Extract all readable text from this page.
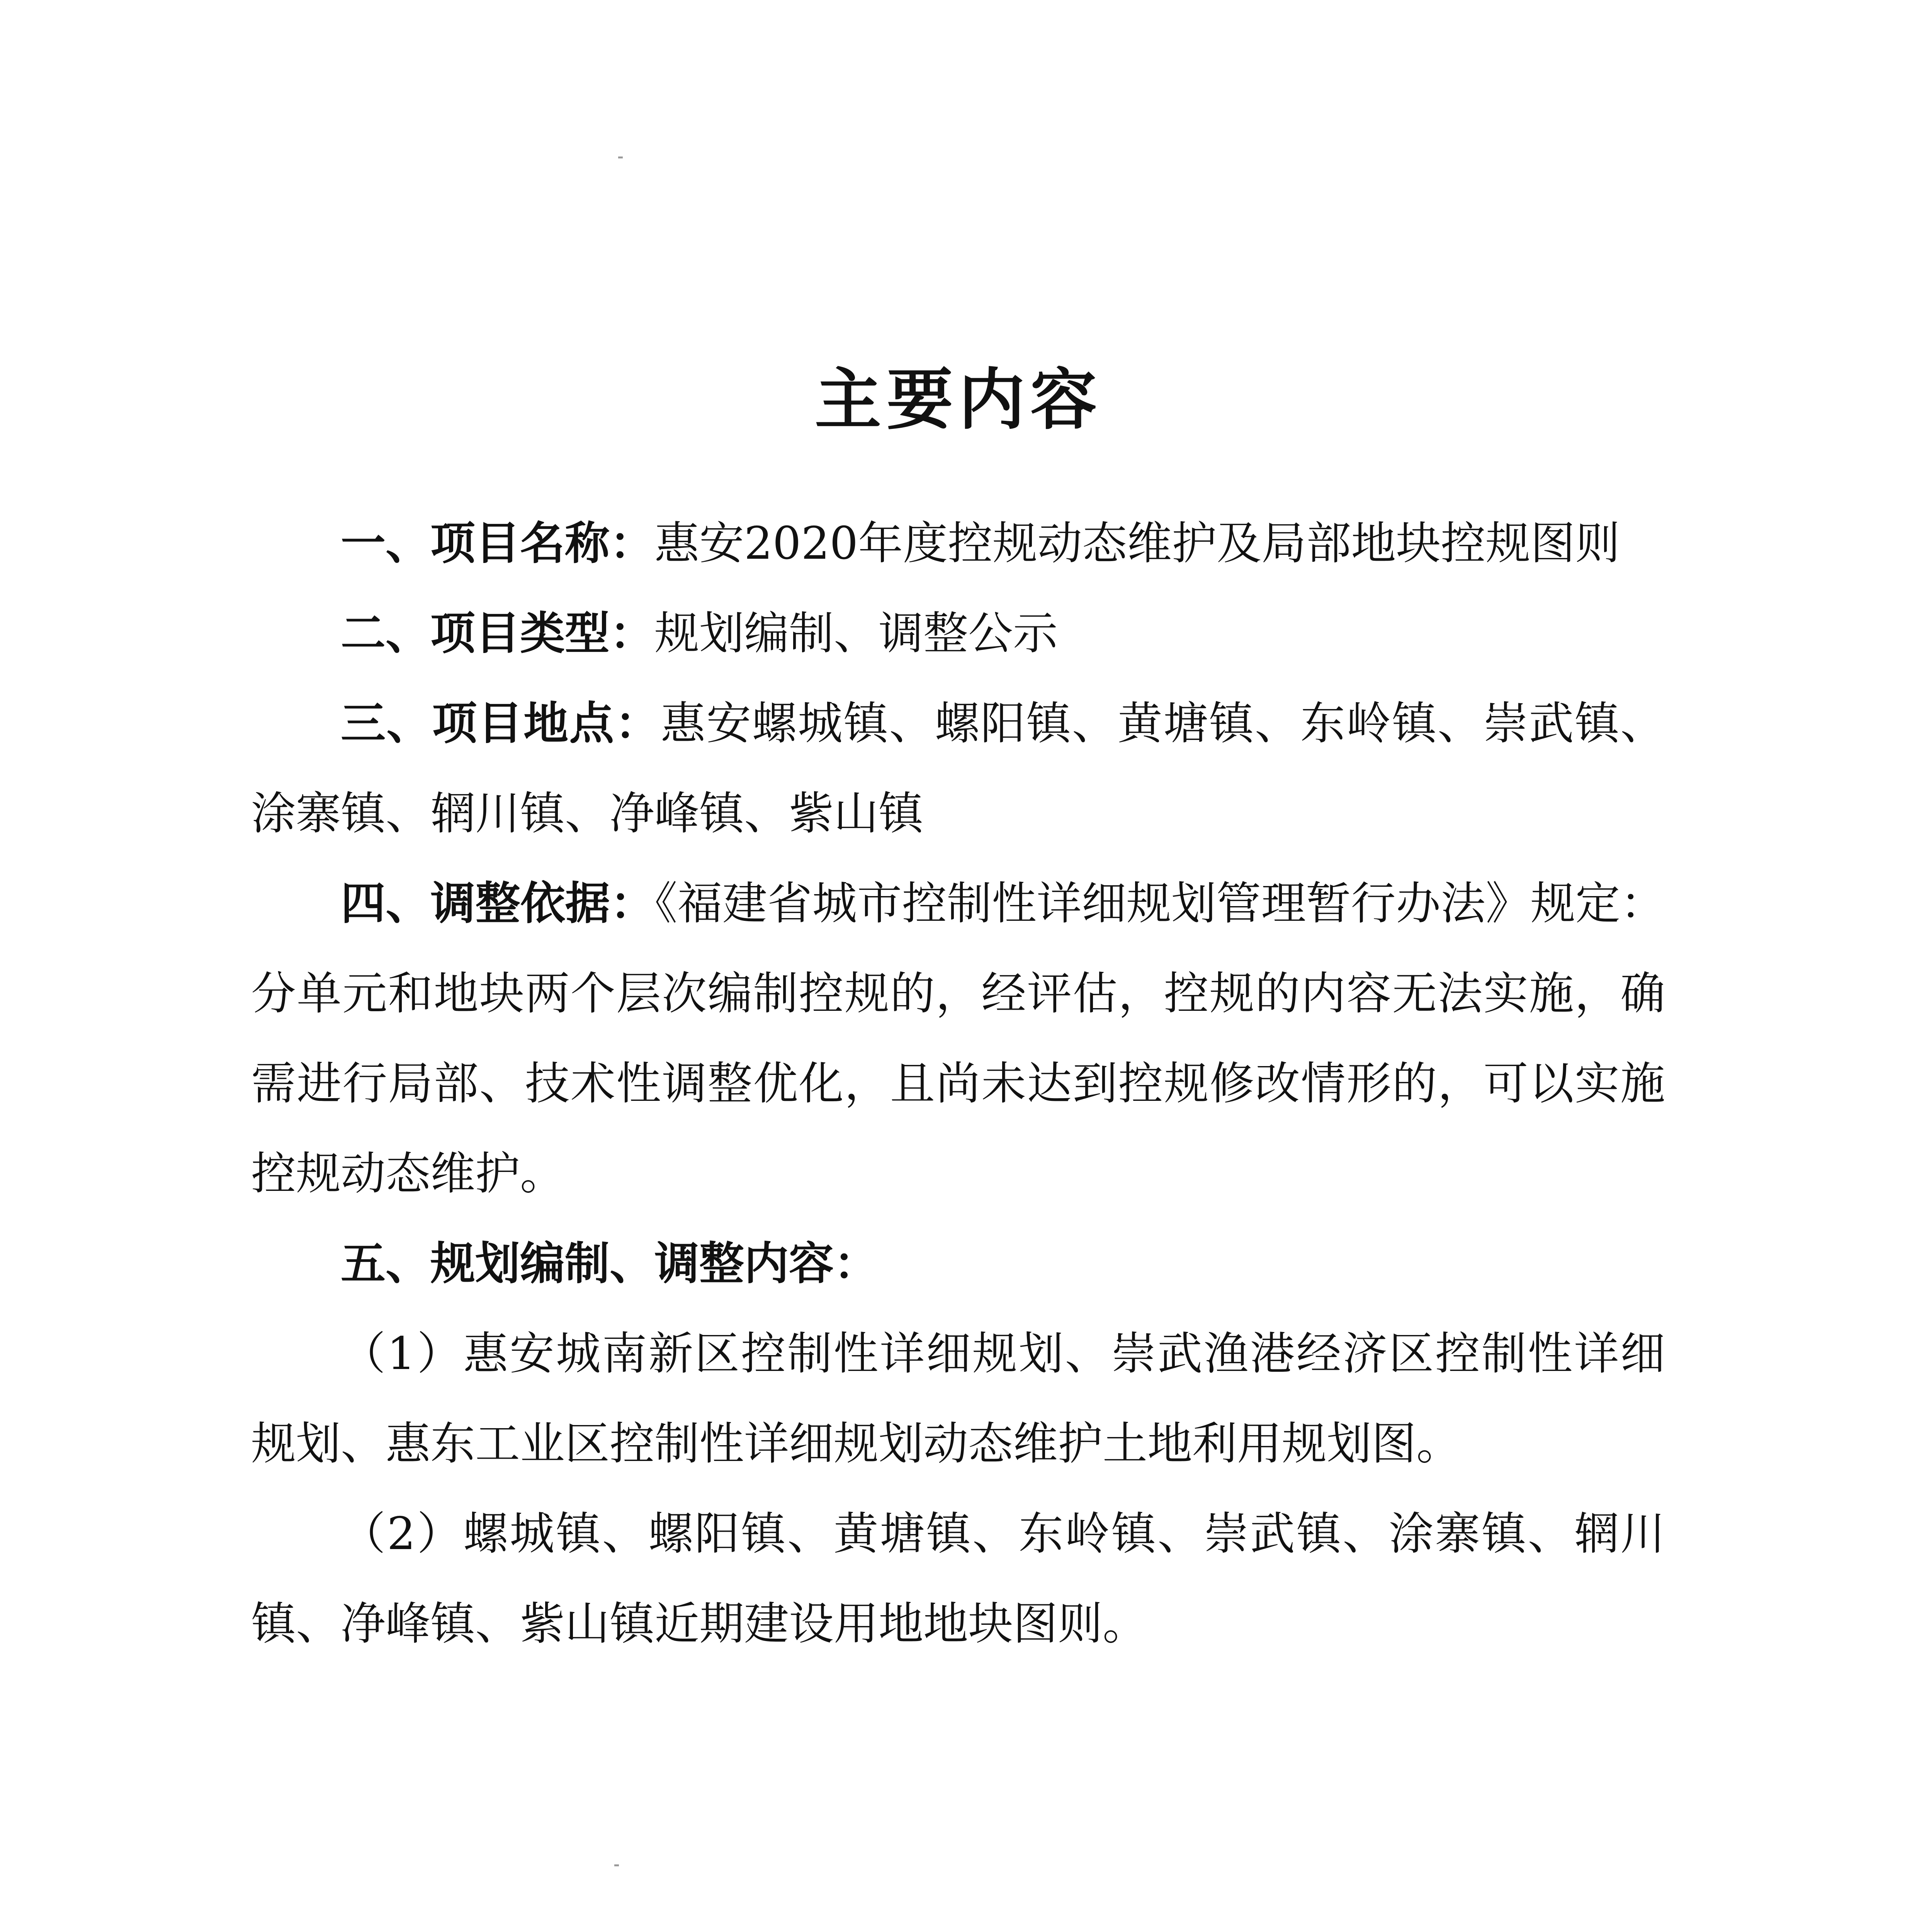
主要内容

一、项目名称：惠安2020年度控规动态维护及局部地块控规图则

二、项目类型：规划编制、调整公示

三、项目地点：惠安螺城镇、螺阳镇、黄塘镇、东岭镇、崇武镇、涂寨镇、辋川镇、净峰镇、紫山镇

四、调整依据：《福建省城市控制性详细规划管理暂行办法》规定：分单元和地块两个层次编制控规的，经评估，控规的内容无法实施，确需进行局部、技术性调整优化，且尚未达到控规修改情形的，可以实施控规动态维护。

五、规划编制、调整内容：

（1）惠安城南新区控制性详细规划、崇武渔港经济区控制性详细规划、惠东工业区控制性详细规划动态维护土地利用规划图。

（2）螺城镇、螺阳镇、黄塘镇、东岭镇、崇武镇、涂寨镇、辋川镇、净峰镇、紫山镇近期建设用地地块图则。
